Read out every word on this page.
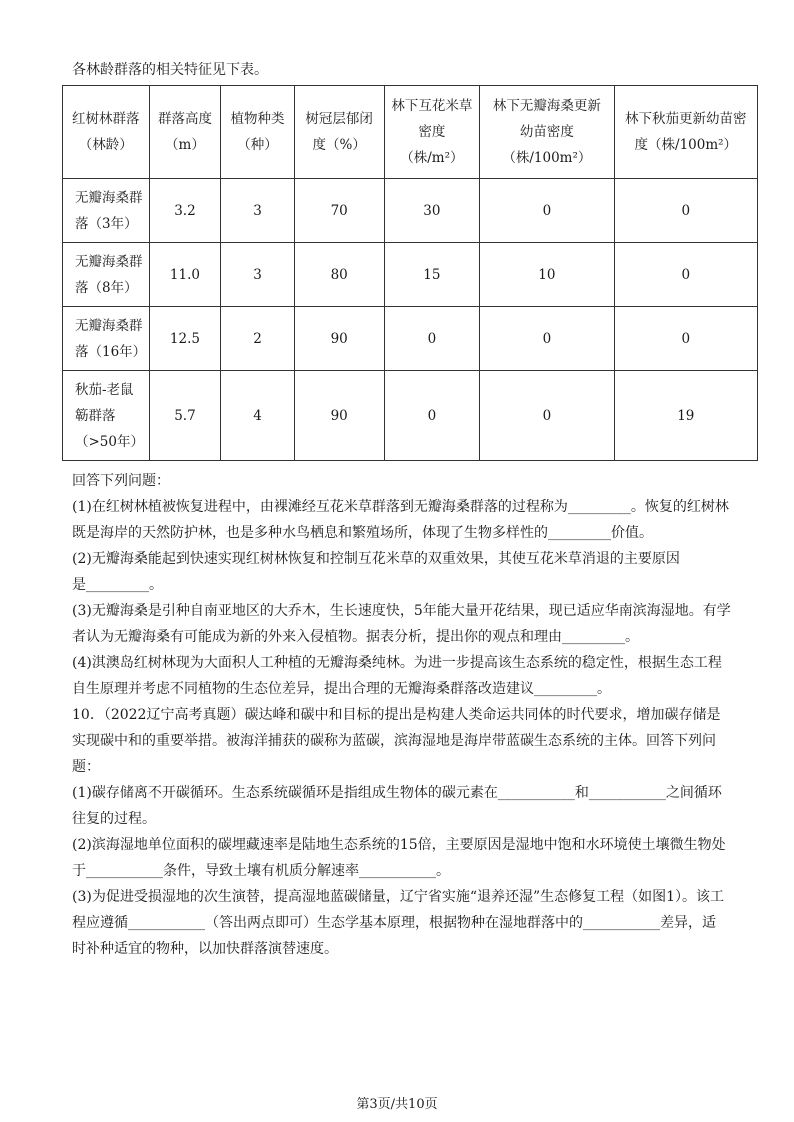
各林龄群落的相关特征见下表。
红树林群落（林龄）	群落高度（m）	植物种类（种）	树冠层郁闭度（%）	林下互花米草密度（株/m²）	林下无瓣海桑更新幼苗密度（株/100m²）	林下秋茄更新幼苗密度（株/100m²）
无瓣海桑群落（3年）	3.2	3	70	30	0	0
无瓣海桑群落（8年）	11.0	3	80	15	10	0
无瓣海桑群落（16年）	12.5	2	90	0	0	0
秋茄-老鼠簕群落（>50年）	5.7	4	90	0	0	19
回答下列问题：
(1)在红树林植被恢复进程中，由裸滩经互花米草群落到无瓣海桑群落的过程称为_________。恢复的红树林
既是海岸的天然防护林，也是多种水鸟栖息和繁殖场所，体现了生物多样性的_________价值。
(2)无瓣海桑能起到快速实现红树林恢复和控制互花米草的双重效果，其使互花米草消退的主要原因
是_________。
(3)无瓣海桑是引种自南亚地区的大乔木，生长速度快，5年能大量开花结果，现已适应华南滨海湿地。有学
者认为无瓣海桑有可能成为新的外来入侵植物。据表分析，提出你的观点和理由_________。
(4)淇澳岛红树林现为大面积人工种植的无瓣海桑纯林。为进一步提高该生态系统的稳定性，根据生态工程
自生原理并考虑不同植物的生态位差异，提出合理的无瓣海桑群落改造建议_________。
10．（2022辽宁高考真题）碳达峰和碳中和目标的提出是构建人类命运共同体的时代要求，增加碳存储是
实现碳中和的重要举措。被海洋捕获的碳称为蓝碳，滨海湿地是海岸带蓝碳生态系统的主体。回答下列问
题：
(1)碳存储离不开碳循环。生态系统碳循环是指组成生物体的碳元素在___________和___________之间循环
往复的过程。
(2)滨海湿地单位面积的碳埋藏速率是陆地生态系统的15倍，主要原因是湿地中饱和水环境使土壤微生物处
于___________条件，导致土壤有机质分解速率___________。
(3)为促进受损湿地的次生演替，提高湿地蓝碳储量，辽宁省实施“退养还湿”生态修复工程（如图1）。该工
程应遵循___________（答出两点即可）生态学基本原理，根据物种在湿地群落中的___________差异，适
时补种适宜的物种，以加快群落演替速度。
第3页/共10页
